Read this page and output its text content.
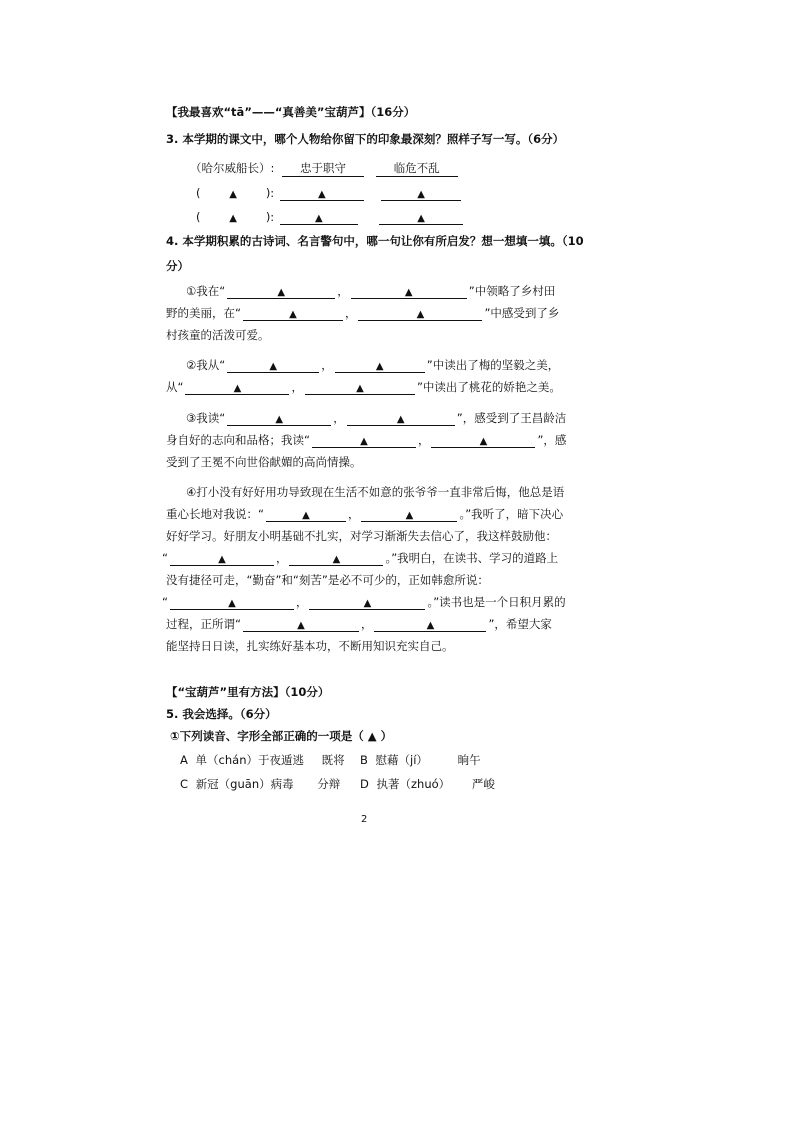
【我最喜欢“tā”——“真善美”宝葫芦】（16分）
3. 本学期的课文中，哪个人物给你留下的印象最深刻？照样子写一写。（6分）
（哈尔威船长）: 忠于职守	临危不乱
(	▲	):	▲	▲
(	▲	):	▲	▲
4. 本学期积累的古诗词、名言警句中，哪一句让你有所启发？想一想填一填。（10
分）
①我在“	▲	，	▲	”中领略了乡村田
野的美丽，在“	▲	，	▲	”中感受到了乡
村孩童的活泼可爱。
②我从“	▲	，	▲	”中读出了梅的坚毅之美，
从“	▲	，	▲	”中读出了桃花的娇艳之美。
③我读“	▲	，	▲	”，感受到了王昌龄洁
身自好的志向和品格；我读“	▲	，	▲	”，感
受到了王冕不向世俗献媚的高尚情操。
④打小没有好好用功导致现在生活不如意的张爷爷一直非常后悔，他总是语
重心长地对我说：“	▲	，	▲	。”我听了，暗下决心
好好学习。好朋友小明基础不扎实，对学习渐渐失去信心了，我这样鼓励他：
“	▲	，	▲	。”我明白，在读书、学习的道路上
没有捷径可走，“勤奋”和“刻苦”是必不可少的，正如韩愈所说：
“	▲	，	▲	。”读书也是一个日积月累的
过程，正所谓“	▲	，	▲	”，希望大家
能坚持日日读，扎实练好基本功，不断用知识充实自己。
【“宝葫芦”里有方法】（10分）
5. 我会选择。（6分）
①下列读音、字形全部正确的一项是（ ▲ ）
A 单（chán）于夜遁逃 既将 B 慰藉（jí）	晌午
C 新冠（guān）病毒 分辩 D 执著（zhuó） 严峻
2
